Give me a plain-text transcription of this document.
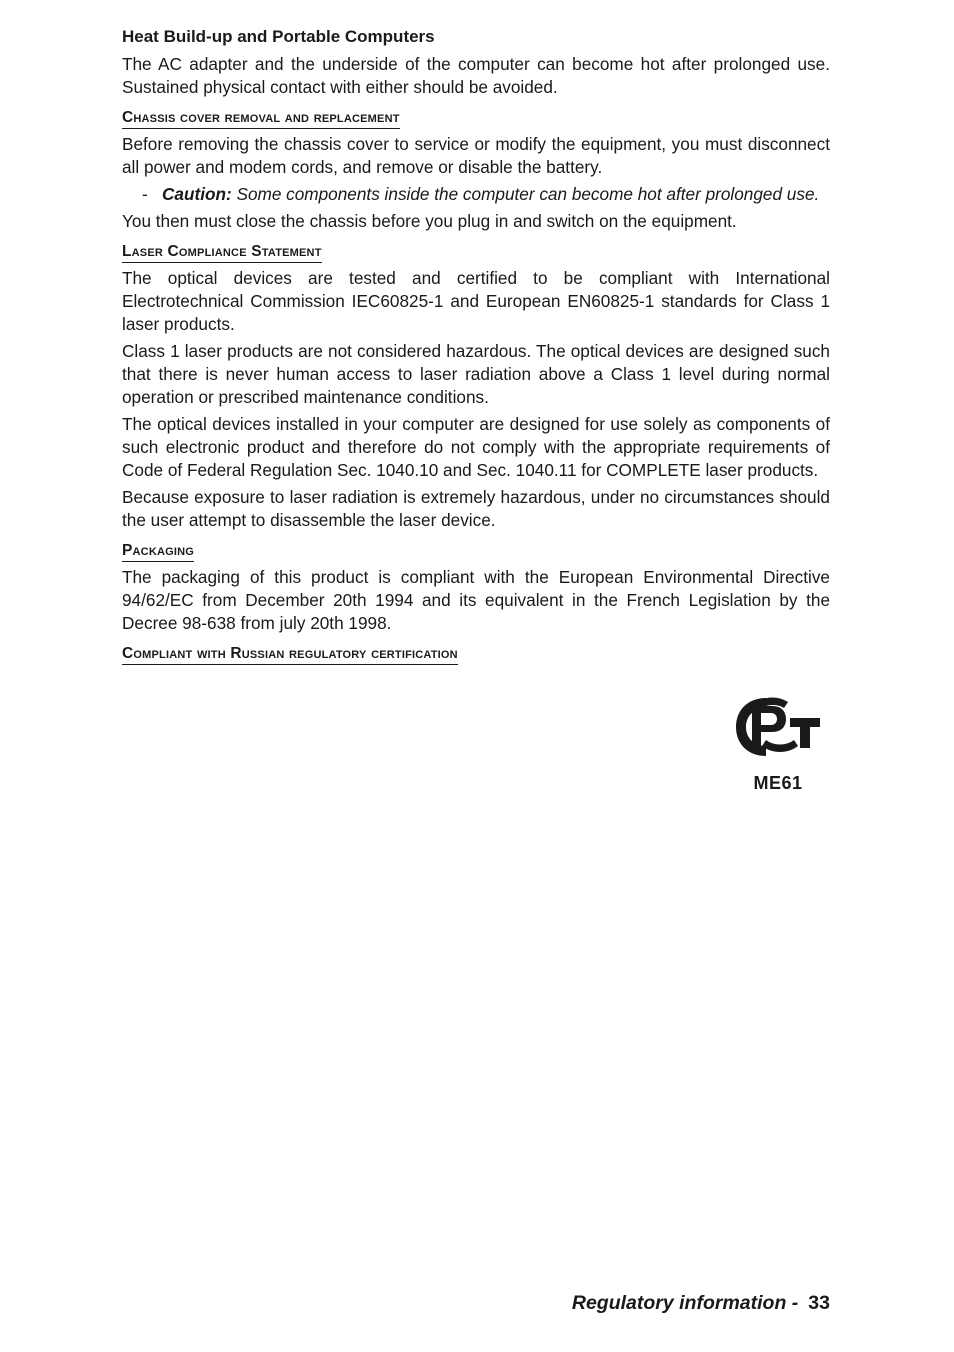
Heat Build-up and Portable Computers

The AC adapter and the underside of the computer can become hot after prolonged use. Sustained physical contact with either should be avoided.

Chassis cover removal and replacement

Before removing the chassis cover to service or modify the equipment, you must disconnect all power and modem cords, and remove or disable the battery.

- Caution: Some components inside the computer can become hot after prolonged use.

You then must close the chassis before you plug in and switch on the equipment.

Laser Compliance Statement

The optical devices are tested and certified to be compliant with International Electrotechnical Commission IEC60825-1 and European EN60825-1 standards for Class 1 laser products.

Class 1 laser products are not considered hazardous. The optical devices are designed such that there is never human access to laser radiation above a Class 1 level during normal operation or prescribed maintenance conditions.

The optical devices installed in your computer are designed for use solely as components of such electronic product and therefore do not comply with the appropriate requirements of Code of Federal Regulation Sec. 1040.10 and Sec. 1040.11 for COMPLETE laser products.

Because exposure to laser radiation is extremely hazardous, under no circumstances should the user attempt to disassemble the laser device.

Packaging

The packaging of this product is compliant with the European Environmental Directive 94/62/EC from December 20th 1994 and its equivalent in the French Legislation by the Decree 98-638 from july 20th 1998.

Compliant with Russian regulatory certification
ME61
Regulatory information - 33
